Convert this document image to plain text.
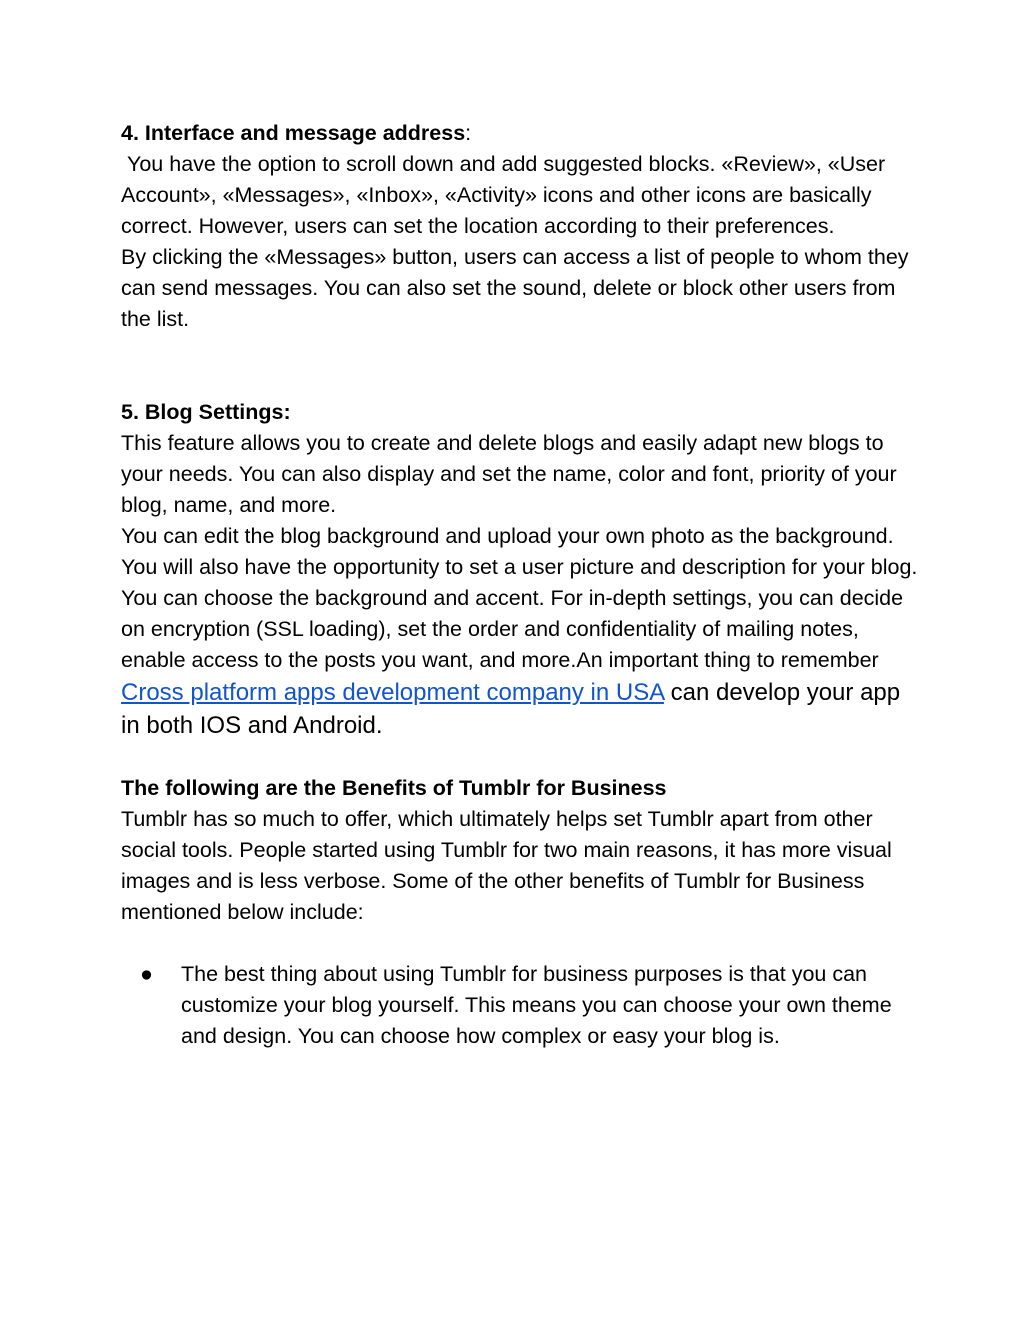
4. Interface and message address:

You have the option to scroll down and add suggested blocks. «Review», «User Account», «Messages», «Inbox», «Activity» icons and other icons are basically correct. However, users can set the location according to their preferences.

By clicking the «Messages» button, users can access a list of people to whom they can send messages. You can also set the sound, delete or block other users from the list.

5. Blog Settings:

This feature allows you to create and delete blogs and easily adapt new blogs to your needs. You can also display and set the name, color and font, priority of your blog, name, and more.

You can edit the blog background and upload your own photo as the background. You will also have the opportunity to set a user picture and description for your blog. You can choose the background and accent. For in-depth settings, you can decide on encryption (SSL loading), set the order and confidentiality of mailing notes, enable access to the posts you want, and more.An important thing to remember Cross platform apps development company in USA can develop your app in both IOS and Android.

The following are the Benefits of Tumblr for Business

Tumblr has so much to offer, which ultimately helps set Tumblr apart from other social tools. People started using Tumblr for two main reasons, it has more visual images and is less verbose. Some of the other benefits of Tumblr for Business mentioned below include:

● The best thing about using Tumblr for business purposes is that you can customize your blog yourself. This means you can choose your own theme and design. You can choose how complex or easy your blog is.
